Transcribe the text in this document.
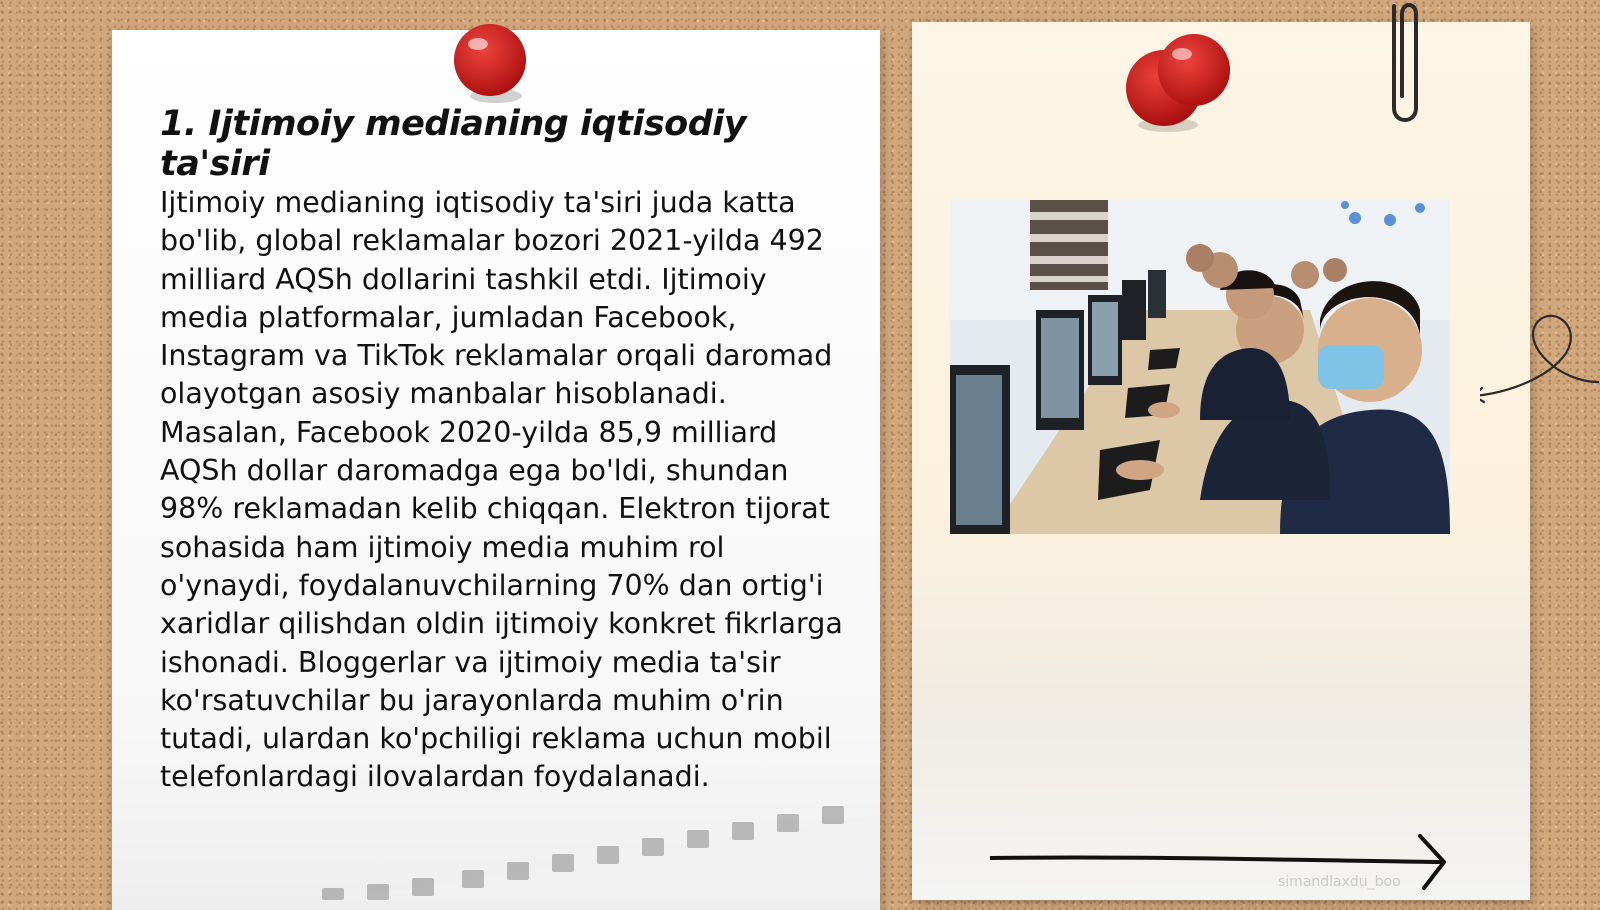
1. Ijtimoiy medianing iqtisodiy ta'siri

Ijtimoiy medianing iqtisodiy ta'siri juda katta bo'lib, global reklamalar bozori 2021-yilda 492 milliard AQSh dollarini tashkil etdi. Ijtimoiy media platformalar, jumladan Facebook, Instagram va TikTok reklamalar orqali daromad olayotgan asosiy manbalar hisoblanadi. Masalan, Facebook 2020-yilda 85,9 milliard AQSh dollar daromadga ega bo'ldi, shundan 98% reklamadan kelib chiqqan. Elektron tijorat sohasida ham ijtimoiy media muhim rol o'ynaydi, foydalanuvchilarning 70% dan ortig'i xaridlar qilishdan oldin ijtimoiy konkret fikrlarga ishonadi. Bloggerlar va ijtimoiy media ta'sir ko'rsatuvchilar bu jarayonlarda muhim o'rin tutadi, ulardan ko'pchiligi reklama uchun mobil telefonlardagi ilovalardan foydalanadi.

simandlaxdu_boo
